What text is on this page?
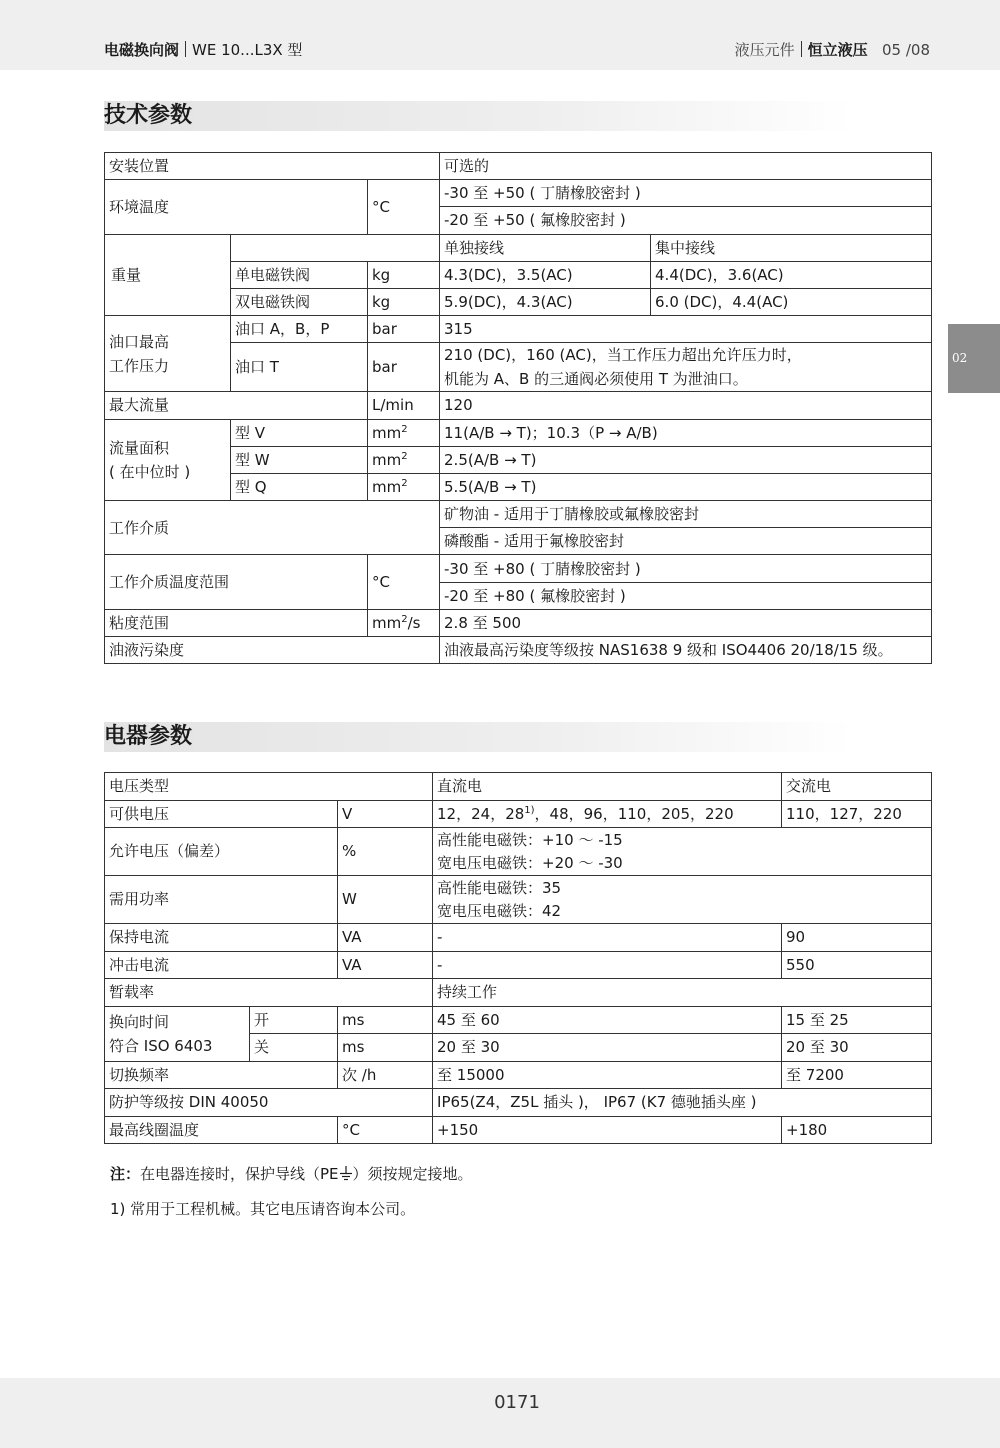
电磁换向阀 WE 10...L3X 型	液压元件 恒立液压 05 /08
02
技术参数
安装位置			可选的	
环境温度		°C	-30 至 +50 ( 丁腈橡胶密封 )	
			-20 至 +50 ( 氟橡胶密封 )	
重量			单独接线	集中接线
	单电磁铁阀	kg	4.3(DC)，3.5(AC)	4.4(DC)，3.6(AC)
	双电磁铁阀	kg	5.9(DC)，4.3(AC)	6.0 (DC)，4.4(AC)
油口最高
工作压力	油口 A，B，P	bar	315	
	油口 T	bar	210 (DC)，160 (AC)，当工作压力超出允许压力时，
机能为 A、B 的三通阀必须使用 T 为泄油口。	
最大流量		L/min	120	
流量面积
( 在中位时 )	型 V	$mm^2$	11(A/B → T)；10.3（P → A/B)	
	型 W	$mm^2$	2.5(A/B → T)	
	型 Q	$mm^2$	5.5(A/B → T)	
工作介质			矿物油 - 适用于丁腈橡胶或氟橡胶密封	
			磷酸酯 - 适用于氟橡胶密封	
工作介质温度范围		°C	-30 至 +80 ( 丁腈橡胶密封 )	
			-20 至 +80 ( 氟橡胶密封 )	
粘度范围		$mm^2/s$	2.8 至 500	
油液污染度			油液最高污染度等级按 NAS1638 9 级和 ISO4406 20/18/15 级。	
电器参数
电压类型			直流电	交流电
可供电压		V	12，24，28$^{1)}$，48，96，110，205，220	110，127，220
允许电压（偏差）		%	高性能电磁铁：+10 ～ -15
宽电压电磁铁：+20 ～ -30	
需用功率		W	高性能电磁铁：35
宽电压电磁铁：42	
保持电流		VA	-	90
冲击电流		VA	-	550
暂载率			持续工作	
换向时间
符合 ISO 6403	开	ms	45 至 60	15 至 25
	关	ms	20 至 30	20 至 30
切换频率		次 /h	至 15000	至 7200
防护等级按 DIN 40050			IP65(Z4，Z5L 插头 )， IP67 (K7 德驰插头座 )	
最高线圈温度		°C	+150	+180
注：在电器连接时，保护导线（PE ）须按规定接地。
1) 常用于工程机械。其它电压请咨询本公司。
0171
